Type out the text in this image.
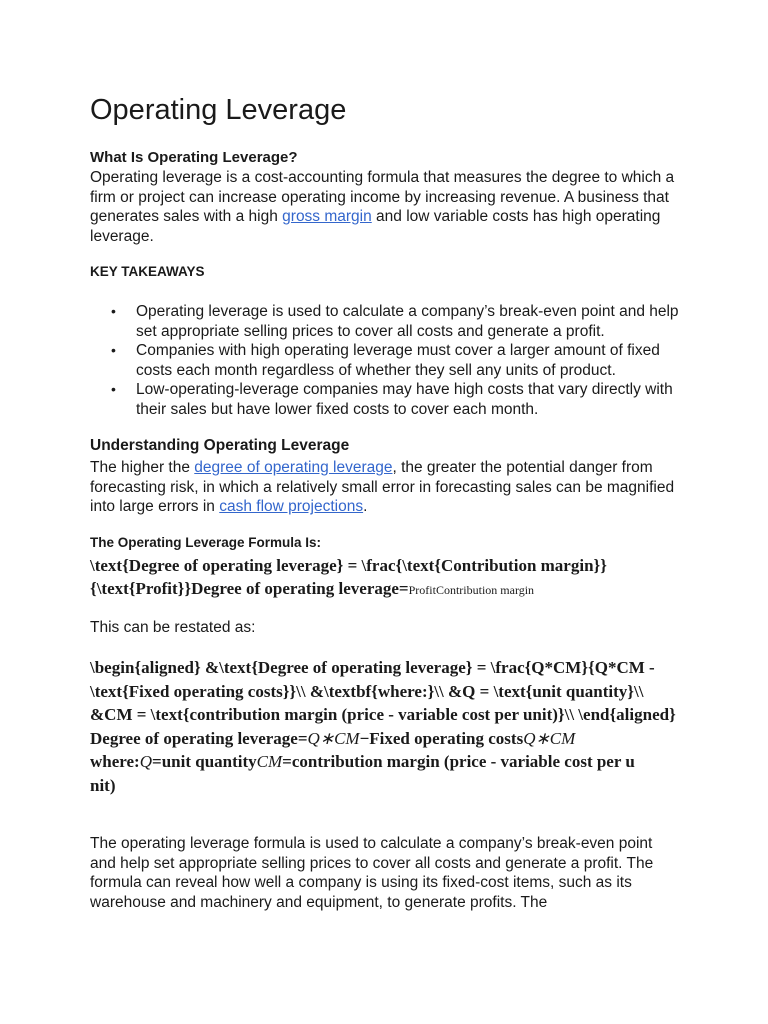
Operating Leverage
What Is Operating Leverage?

Operating leverage is a cost-accounting formula that measures the degree to which a firm or project can increase operating income by increasing revenue. A business that generates sales with a high gross margin and low variable costs has high operating leverage.

KEY TAKEAWAYS
• Operating leverage is used to calculate a company’s break-even point and help set appropriate selling prices to cover all costs and generate a profit.
• Companies with high operating leverage must cover a larger amount of fixed costs each month regardless of whether they sell any units of product.
• Low-operating-leverage companies may have high costs that vary directly with their sales but have lower fixed costs to cover each month.
Understanding Operating Leverage

The higher the degree of operating leverage, the greater the potential danger from forecasting risk, in which a relatively small error in forecasting sales can be magnified into large errors in cash flow projections.

The Operating Leverage Formula Is:

\text{Degree of operating leverage} = \frac{\text{Contribution margin}}{\text{Profit}}Degree of operating leverage=ProfitContribution margin

This can be restated as:

\begin{aligned} &\text{Degree of operating leverage} = \frac{Q*CM}{Q*CM - \text{Fixed operating costs}}\\ &\textbf{where:}\\ &Q = \text{unit quantity}\\ &CM = \text{contribution margin (price - variable cost per unit)}\\ \end{aligned}
Degree of operating leverage=Q∗CM−Fixed operating costsQ∗CM
where:Q=unit quantityCM=contribution margin (price - variable cost per u
nit)

The operating leverage formula is used to calculate a company’s break-even point and help set appropriate selling prices to cover all costs and generate a profit. The formula can reveal how well a company is using its fixed-cost items, such as its warehouse and machinery and equipment, to generate profits. The
